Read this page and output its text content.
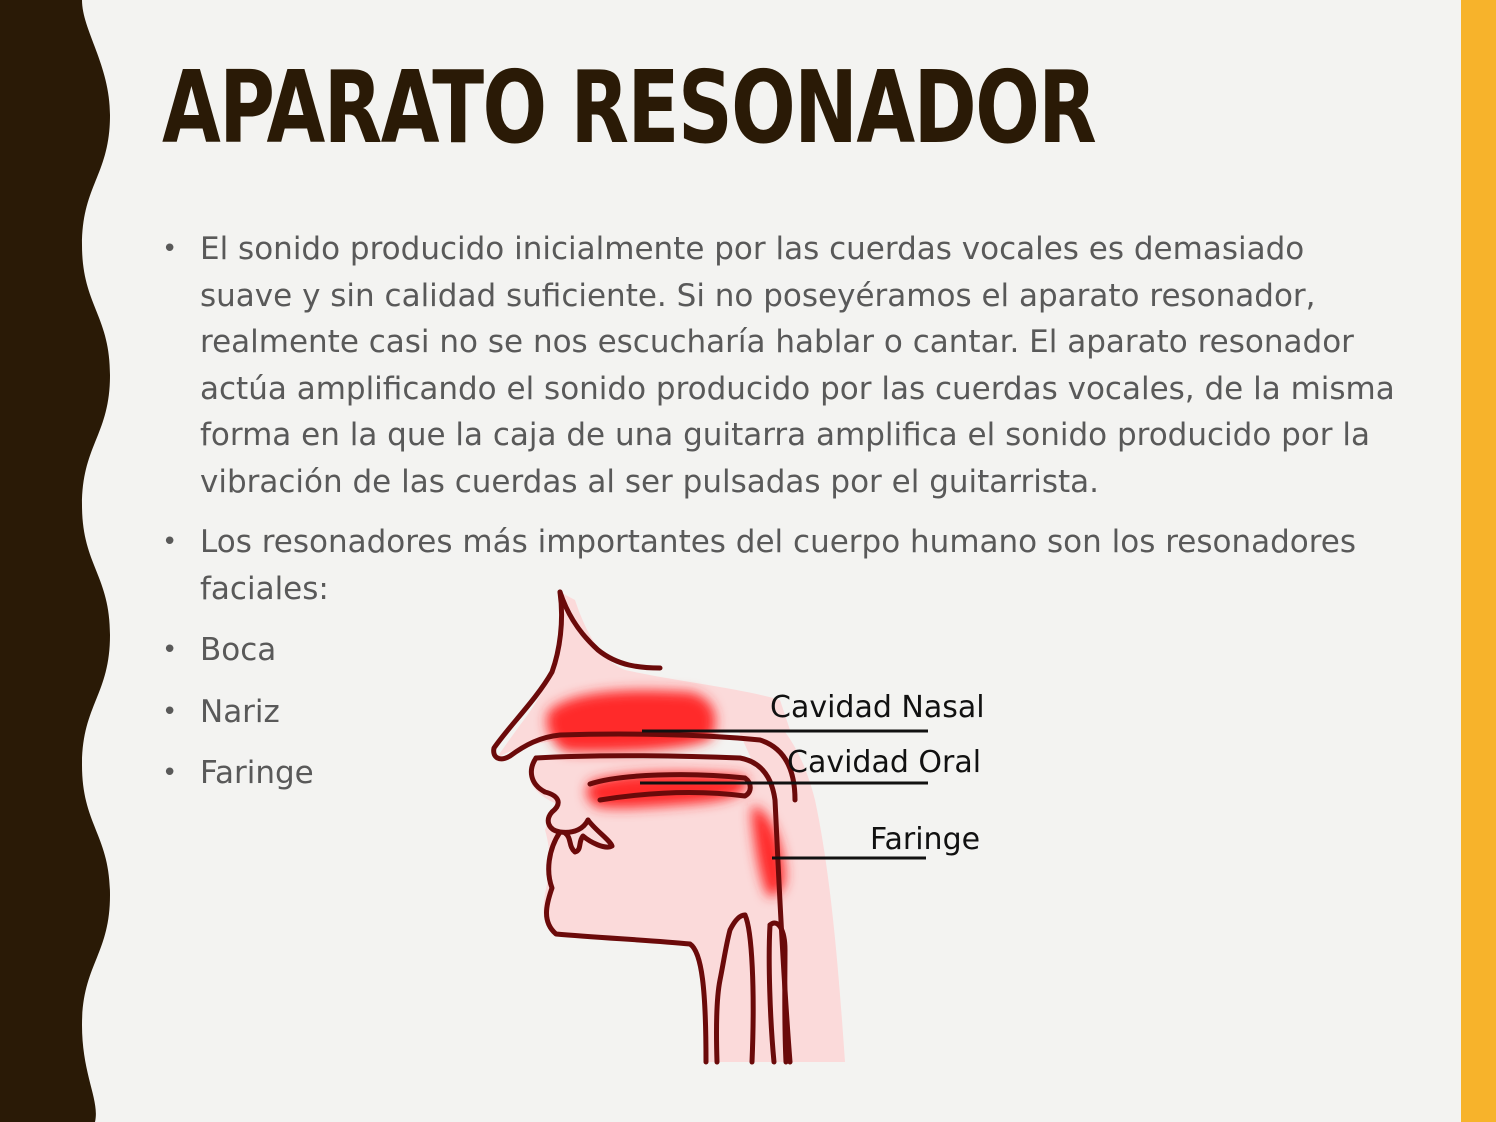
APARATO RESONADOR
• El sonido producido inicialmente por las cuerdas vocales es demasiado suave y sin calidad suficiente. Si no poseyéramos el aparato resonador, realmente casi no se nos escucharía hablar o cantar. El aparato resonador actúa amplificando el sonido producido por las cuerdas vocales, de la misma forma en la que la caja de una guitarra amplifica el sonido producido por la vibración de las cuerdas al ser pulsadas por el guitarrista.
• Los resonadores más importantes del cuerpo humano son los resonadores faciales:
• Boca
• Nariz
• Faringe

Cavidad Nasal

Cavidad Oral

Faringe
